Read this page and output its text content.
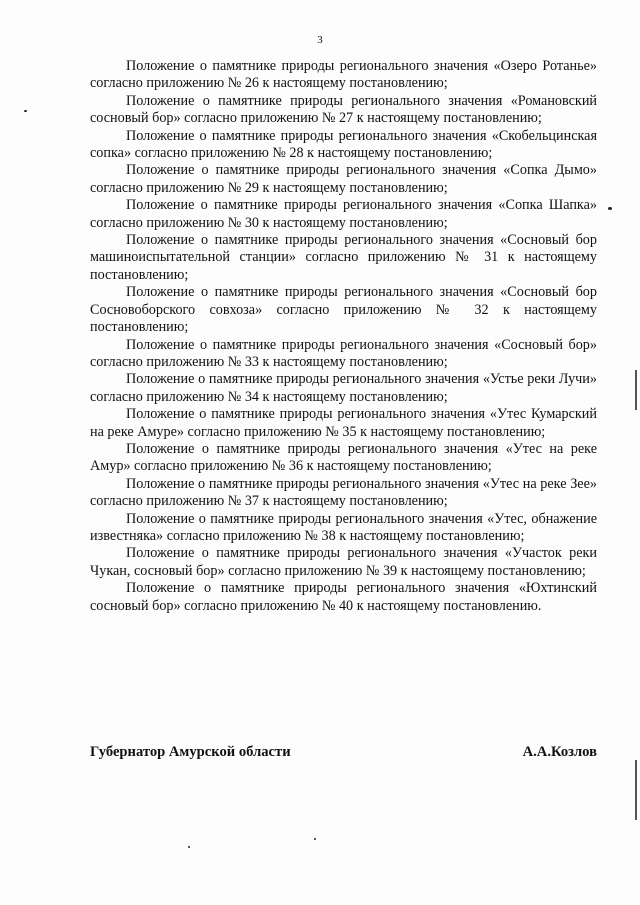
3

Положение о памятнике природы регионального значения «Озеро Ротанье» согласно приложению № 26 к настоящему постановлению;

Положение о памятнике природы регионального значения «Романовский сосновый бор» согласно приложению № 27 к настоящему постановлению;

Положение о памятнике природы регионального значения «Скобельцинская сопка» согласно приложению № 28 к настоящему постановлению;

Положение о памятнике природы регионального значения «Сопка Дымо» согласно приложению № 29 к настоящему постановлению;

Положение о памятнике природы регионального значения «Сопка Шапка» согласно приложению № 30 к настоящему постановлению;

Положение о памятнике природы регионального значения «Сосновый бор машиноиспытательной станции» согласно приложению № 31 к настоящему постановлению;

Положение о памятнике природы регионального значения «Сосновый бор Сосновоборского совхоза» согласно приложению № 32 к настоящему постановлению;

Положение о памятнике природы регионального значения «Сосновый бор» согласно приложению № 33 к настоящему постановлению;

Положение о памятнике природы регионального значения «Устье реки Лучи» согласно приложению № 34 к настоящему постановлению;

Положение о памятнике природы регионального значения «Утес Кумарский на реке Амуре» согласно приложению № 35 к настоящему постановлению;

Положение о памятнике природы регионального значения «Утес на реке Амур» согласно приложению № 36 к настоящему постановлению;

Положение о памятнике природы регионального значения «Утес на реке Зее» согласно приложению № 37 к настоящему постановлению;

Положение о памятнике природы регионального значения «Утес, обнажение известняка» согласно приложению № 38 к настоящему постановлению;

Положение о памятнике природы регионального значения «Участок реки Чукан, сосновый бор» согласно приложению № 39 к настоящему постановлению;

Положение о памятнике природы регионального значения «Юхтинский сосновый бор» согласно приложению № 40 к настоящему постановлению.

Губернатор Амурской области	А.А.Козлов
